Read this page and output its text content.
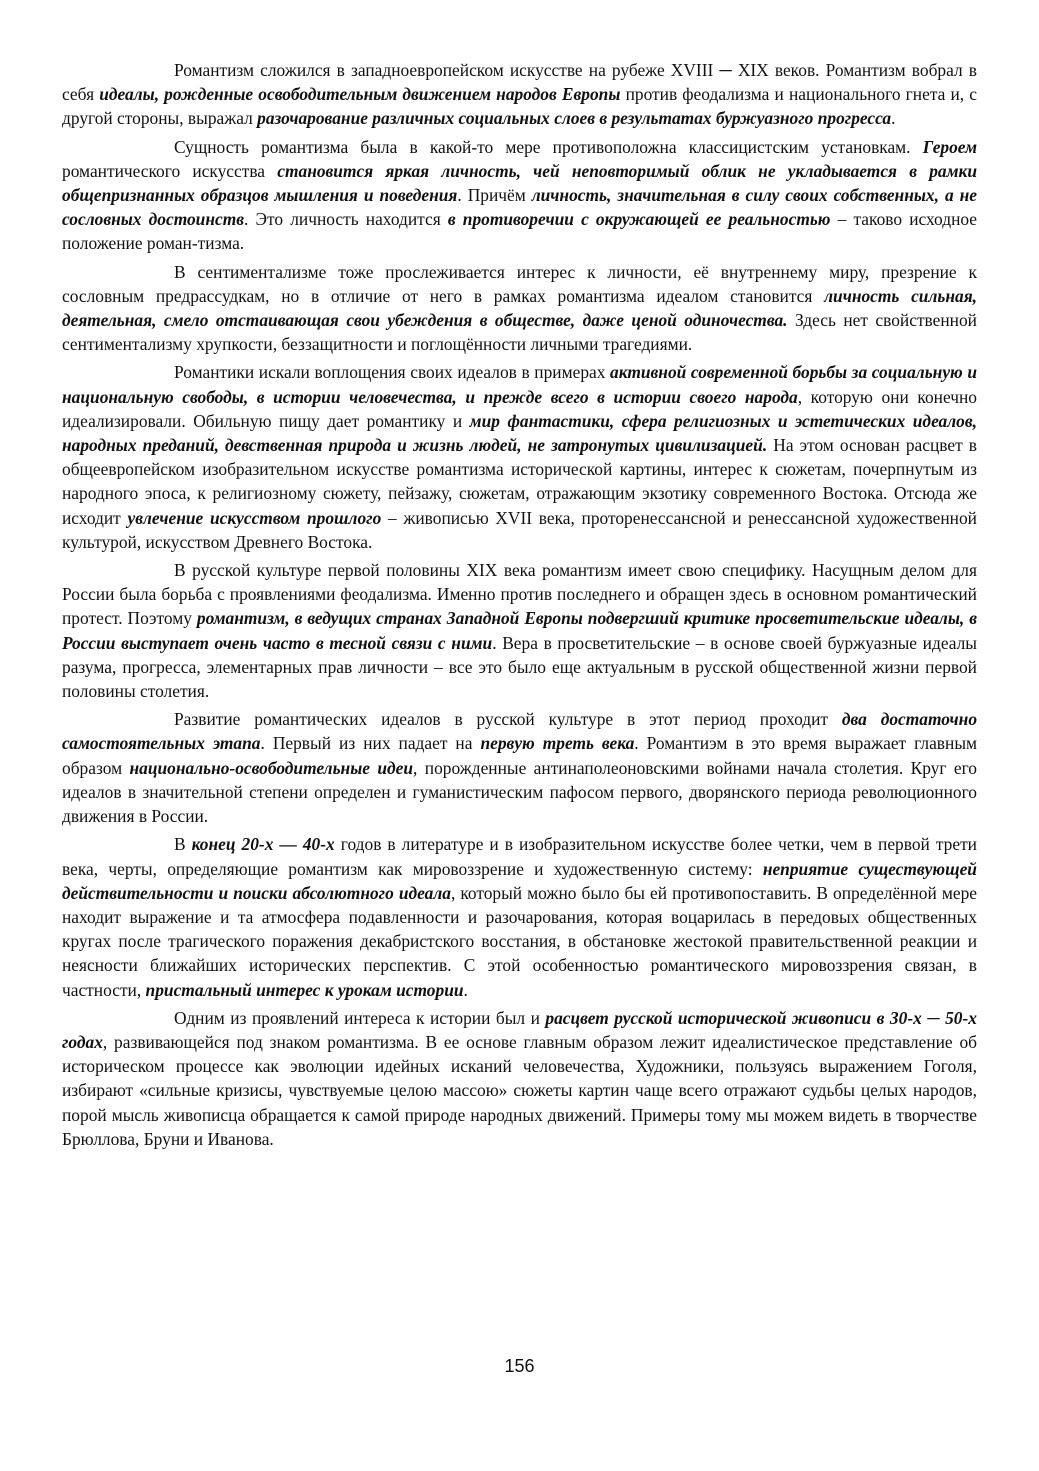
Романтизм сложился в западноевропейском искусстве на рубеже XVIII ─ XIX веков. Романтизм вобрал в себя идеалы, рожденные освободительным движением народов Европы против феодализма и национального гнета и, с другой стороны, выражал разочарование различных социальных слоев в результатах буржуазного прогресса.

Сущность романтизма была в какой-то мере противоположна классицистским установкам. Героем романтического искусства становится яркая личность, чей неповторимый облик не укладывается в рамки общепризнанных образцов мышления и поведения. Причём личность, значительная в силу своих собственных, а не сословных достоинств. Это личность находится в противоречии с окружающей ее реальностью – таково исходное положение роман-тизма.

В сентиментализме тоже прослеживается интерес к личности, её внутреннему миру, презрение к сословным предрассудкам, но в отличие от него в рамках романтизма идеалом становится личность сильная, деятельная, смело отстаивающая свои убеждения в обществе, даже ценой одиночества. Здесь нет свойственной сентиментализму хрупкости, беззащитности и поглощённости личными трагедиями.

Романтики искали воплощения своих идеалов в примерах активной современной борьбы за социальную и национальную свободы, в истории человечества, и прежде всего в истории своего народа, которую они конечно идеализировали. Обильную пищу дает романтику и мир фантастики, сфера религиозных и эстетических идеалов, народных преданий, девственная природа и жизнь людей, не затронутых цивилизацией. На этом основан расцвет в общеевропейском изобразительном искусстве романтизма исторической картины, интерес к сюжетам, почерпнутым из народного эпоса, к религиозному сюжету, пейзажу, сюжетам, отражающим экзотику современного Востока. Отсюда же исходит увлечение искусством прошлого – живописью XVII века, проторенессансной и ренессансной художественной культурой, искусством Древнего Востока.

В русской культуре первой половины XIX века романтизм имеет свою специфику. Насущным делом для России была борьба с проявлениями феодализма. Именно против последнего и обращен здесь в основном романтический протест. Поэтому романтизм, в ведущих странах Западной Европы подвергший критике просветительские идеалы, в России выступает очень часто в тесной связи с ними. Вера в просветительские – в основе своей буржуазные идеалы разума, прогресса, элементарных прав личности – все это было еще актуальным в русской общественной жизни первой половины столетия.

Развитие романтических идеалов в русской культуре в этот период проходит два достаточно самостоятельных этапа. Первый из них падает на первую треть века. Романтиэм в это время выражает главным образом национально-освободительные идеи, порожденные антинаполеоновскими войнами начала столетия. Круг его идеалов в значительной степени определен и гуманистическим пафосом первого, дворянского периода революционного движения в России.

В конец 20-х — 40-х годов в литературе и в изобразительном искусстве более четки, чем в первой трети века, черты, определяющие романтизм как мировоззрение и художественную систему: неприятие существующей действительности и поиски абсолютного идеала, который можно было бы ей противопоставить. В определённой мере находит выражение и та атмосфера подавленности и разочарования, которая воцарилась в передовых общественных кругах после трагического поражения декабристского восстания, в обстановке жестокой правительственной реакции и неясности ближайших исторических перспектив. С этой особенностью романтического мировоззрения связан, в частности, пристальный интерес к урокам истории.

Одним из проявлений интереса к истории был и расцвет русской исторической живописи в 30-х ─ 50-х годах, развивающейся под знаком романтизма. В ее основе главным образом лежит идеалистическое представление об историческом процессе как эволюции идейных исканий человечества, Художники, пользуясь выражением Гоголя, избирают «сильные кризисы, чувствуемые целою массою» сюжеты картин чаще всего отражают судьбы целых народов, порой мысль живописца обращается к самой природе народных движений. Примеры тому мы можем видеть в творчестве Брюллова, Бруни и Иванова.

156
